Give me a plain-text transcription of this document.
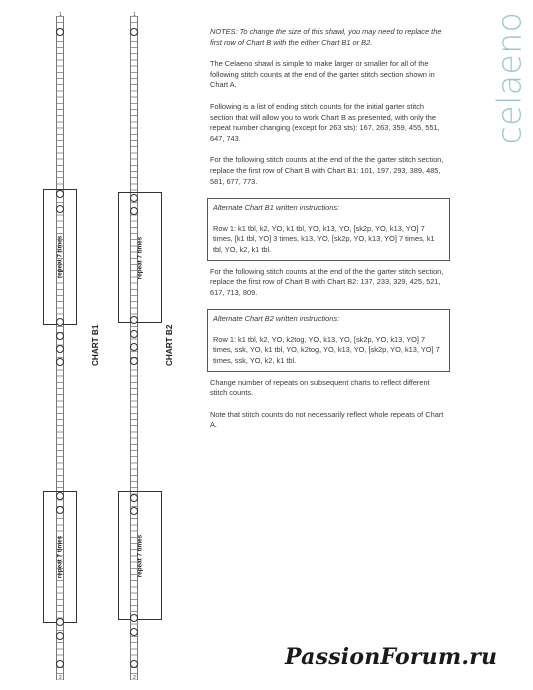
celaeno
1
2
repeat 7 times
repeat 7 times
CHART B1
1
2
repeat 7 times
repeat 7 times
CHART B2

NOTES: To change the size of this shawl, you may need to replace the first row of Chart B with the either Chart B1 or B2.

The Celaeno shawl is simple to make larger or smaller for all of the following stitch counts at the end of the garter stitch section shown in Chart A.

Following is a list of ending stitch counts for the initial garter stitch section that will allow you to work Chart B as presented, with only the repeat number changing (except for 263 sts): 167, 263, 359, 455, 551, 647, 743.

For the following stitch counts at the end of the the garter stitch section, replace the first row of Chart B with Chart B1: 101, 197, 293, 389, 485, 581, 677, 773.

Alternate Chart B1 written instructions:

Row 1: k1 tbl, k2, YO, k1 tbl, YO, k13, YO, [sk2p, YO, k13, YO] 7 times, [k1 tbl, YO] 3 times, k13, YO, [sk2p, YO, k13, YO] 7 times, k1 tbl, YO, k2, k1 tbl.

For the following stitch counts at the end of the the garter stitch section, replace the first row of Chart B with Chart B2: 137, 233, 329, 425, 521, 617, 713, 809.

Alternate Chart B2 written instructions:

Row 1: k1 tbl, k2, YO, k2tog, YO, k13, YO, [sk2p, YO, k13, YO] 7 times, ssk, YO, k1 tbl, YO, k2tog, YO, k13, YO, [sk2p, YO, k13, YO] 7 times, ssk, YO, k2, k1 tbl.

Change number of repeats on subsequent charts to reflect different stitch counts.

Note that stitch counts do not necessarily reflect whole repeats of Chart A.

PassionForum.ru
